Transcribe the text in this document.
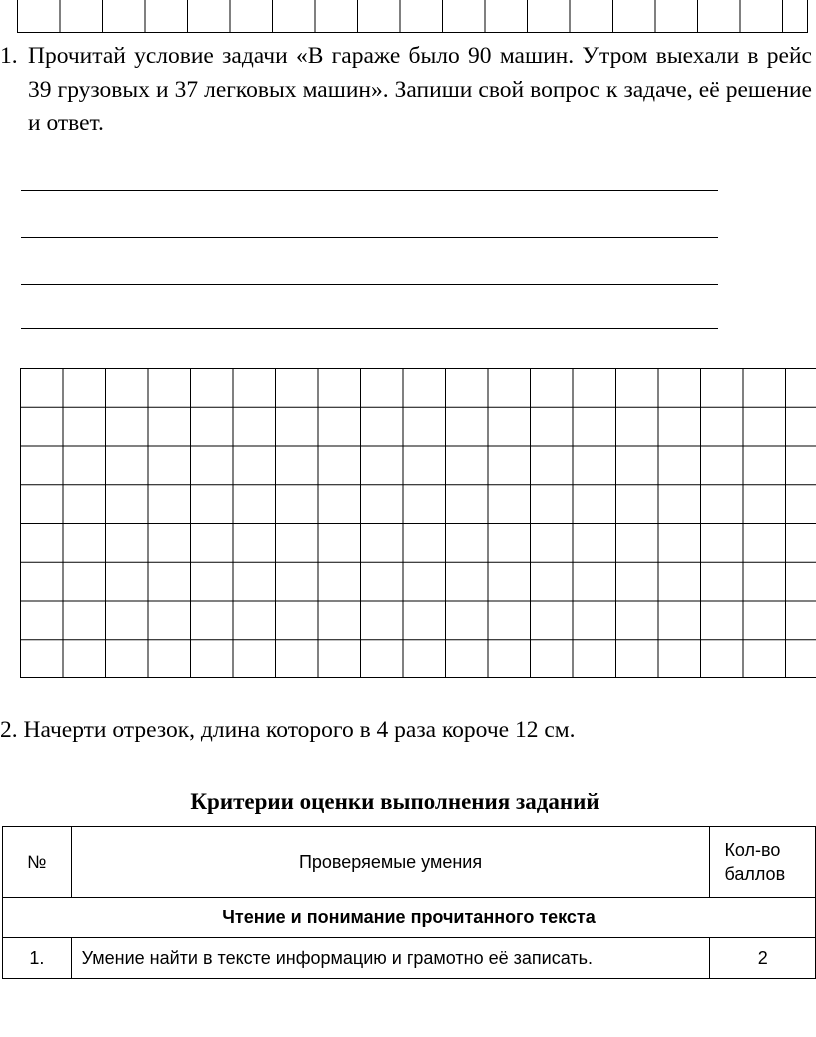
1. Прочитай условие задачи «В гараже было 90 машин. Утром выехали в рейс 39 грузовых и 37 легковых машин». Запиши свой вопрос к задаче, её решение и ответ.
2. Начерти отрезок, длина которого в 4 раза короче 12 см.
Критерии оценки выполнения заданий
№	Проверяемые умения	Кол-во
баллов
Чтение и понимание прочитанного текста		
1.	Умение найти в тексте информацию и грамотно её записать.	2
